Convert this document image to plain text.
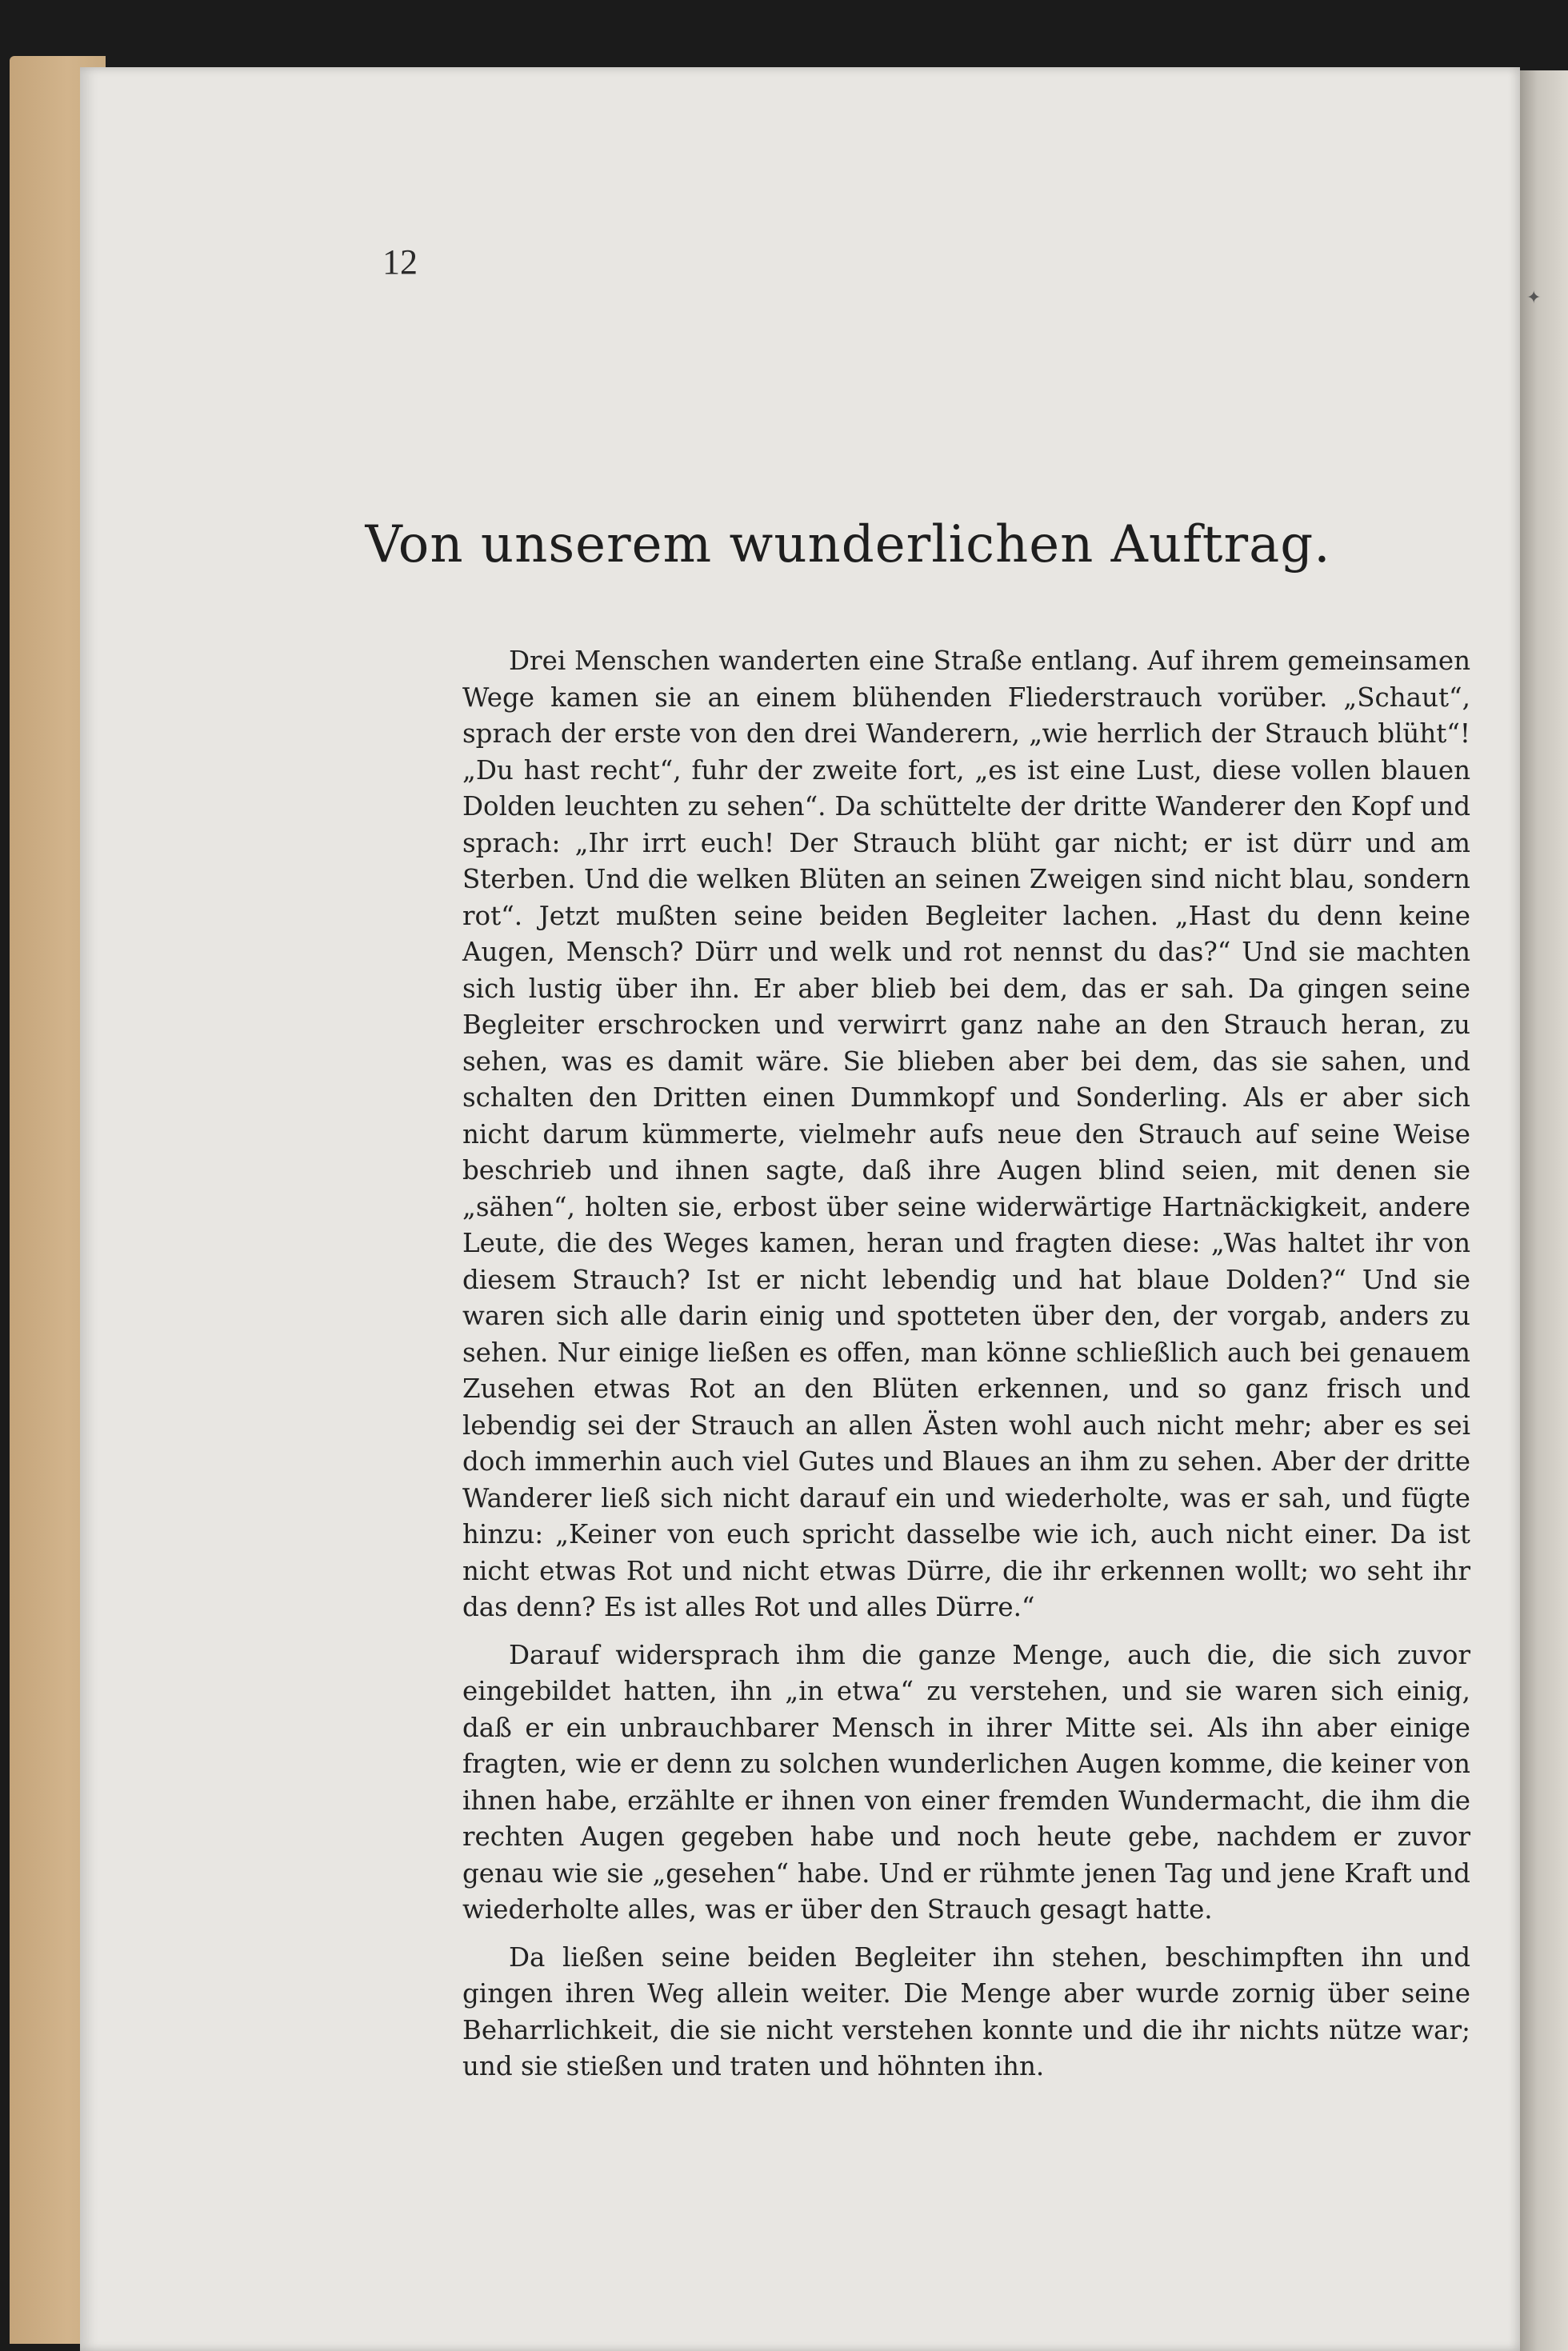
12
✦
Von unserem wunderlichen Auftrag.

Drei Menschen wanderten eine Straße entlang. Auf ihrem gemeinsamen Wege kamen sie an einem blühenden Fliederstrauch vorüber. „Schaut“, sprach der erste von den drei Wanderern, „wie herrlich der Strauch blüht“! „Du hast recht“, fuhr der zweite fort, „es ist eine Lust, diese vollen blauen Dolden leuchten zu sehen“. Da schüttelte der dritte Wanderer den Kopf und sprach: „Ihr irrt euch! Der Strauch blüht gar nicht; er ist dürr und am Sterben. Und die welken Blüten an seinen Zweigen sind nicht blau, sondern rot“. Jetzt mußten seine beiden Begleiter lachen. „Hast du denn keine Augen, Mensch? Dürr und welk und rot nennst du das?“ Und sie machten sich lustig über ihn. Er aber blieb bei dem, das er sah. Da gingen seine Begleiter erschrocken und verwirrt ganz nahe an den Strauch heran, zu sehen, was es damit wäre. Sie blieben aber bei dem, das sie sahen, und schalten den Dritten einen Dummkopf und Sonderling. Als er aber sich nicht darum kümmerte, vielmehr aufs neue den Strauch auf seine Weise beschrieb und ihnen sagte, daß ihre Augen blind seien, mit denen sie „sähen“, holten sie, erbost über seine widerwärtige Hartnäckigkeit, andere Leute, die des Weges kamen, heran und fragten diese: „Was haltet ihr von diesem Strauch? Ist er nicht lebendig und hat blaue Dolden?“ Und sie waren sich alle darin einig und spotteten über den, der vorgab, anders zu sehen. Nur einige ließen es offen, man könne schließlich auch bei genauem Zusehen etwas Rot an den Blüten erkennen, und so ganz frisch und lebendig sei der Strauch an allen Ästen wohl auch nicht mehr; aber es sei doch immerhin auch viel Gutes und Blaues an ihm zu sehen. Aber der dritte Wanderer ließ sich nicht darauf ein und wiederholte, was er sah, und fügte hinzu: „Keiner von euch spricht dasselbe wie ich, auch nicht einer. Da ist nicht etwas Rot und nicht etwas Dürre, die ihr erkennen wollt; wo seht ihr das denn? Es ist alles Rot und alles Dürre.“

Darauf widersprach ihm die ganze Menge, auch die, die sich zuvor eingebildet hatten, ihn „in etwa“ zu verstehen, und sie waren sich einig, daß er ein unbrauchbarer Mensch in ihrer Mitte sei. Als ihn aber einige fragten, wie er denn zu solchen wunderlichen Augen komme, die keiner von ihnen habe, erzählte er ihnen von einer fremden Wundermacht, die ihm die rechten Augen gegeben habe und noch heute gebe, nachdem er zuvor genau wie sie „gesehen“ habe. Und er rühmte jenen Tag und jene Kraft und wiederholte alles, was er über den Strauch gesagt hatte.

Da ließen seine beiden Begleiter ihn stehen, beschimpften ihn und gingen ihren Weg allein weiter. Die Menge aber wurde zornig über seine Beharrlichkeit, die sie nicht verstehen konnte und die ihr nichts nütze war; und sie stießen und traten und höhnten ihn.
